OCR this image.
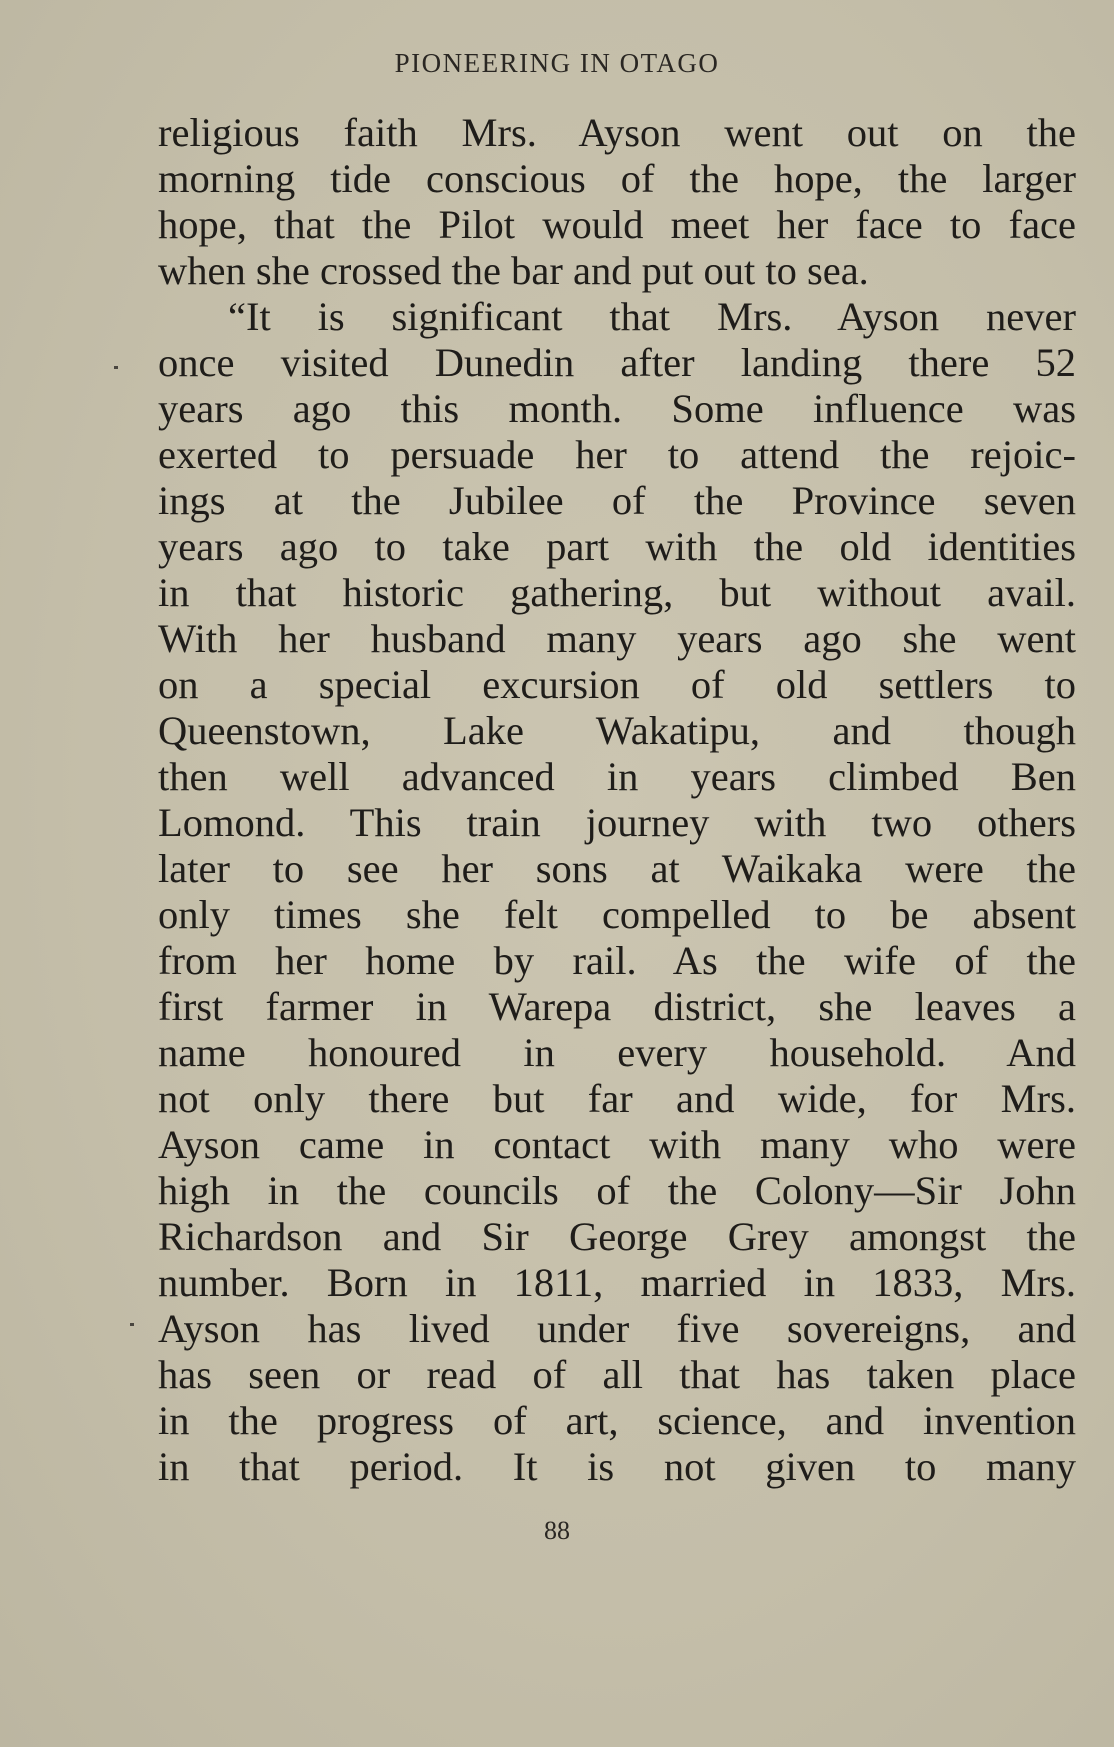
PIONEERING IN OTAGO
religious faith Mrs. Ayson went out on the
morning tide conscious of the hope, the larger
hope, that the Pilot would meet her face to face
when she crossed the bar and put out to sea.
“It is significant that Mrs. Ayson never
once visited Dunedin after landing there 52
years ago this month. Some influence was
exerted to persuade her to attend the rejoic-
ings at the Jubilee of the Province seven
years ago to take part with the old identities
in that historic gathering, but without avail.
With her husband many years ago she went
on a special excursion of old settlers to
Queenstown, Lake Wakatipu, and though
then well advanced in years climbed Ben
Lomond. This train journey with two others
later to see her sons at Waikaka were the
only times she felt compelled to be absent
from her home by rail. As the wife of the
first farmer in Warepa district, she leaves a
name honoured in every household. And
not only there but far and wide, for Mrs.
Ayson came in contact with many who were
high in the councils of the Colony—Sir John
Richardson and Sir George Grey amongst the
number. Born in 1811, married in 1833, Mrs.
Ayson has lived under five sovereigns, and
has seen or read of all that has taken place
in the progress of art, science, and invention
in that period. It is not given to many
88
